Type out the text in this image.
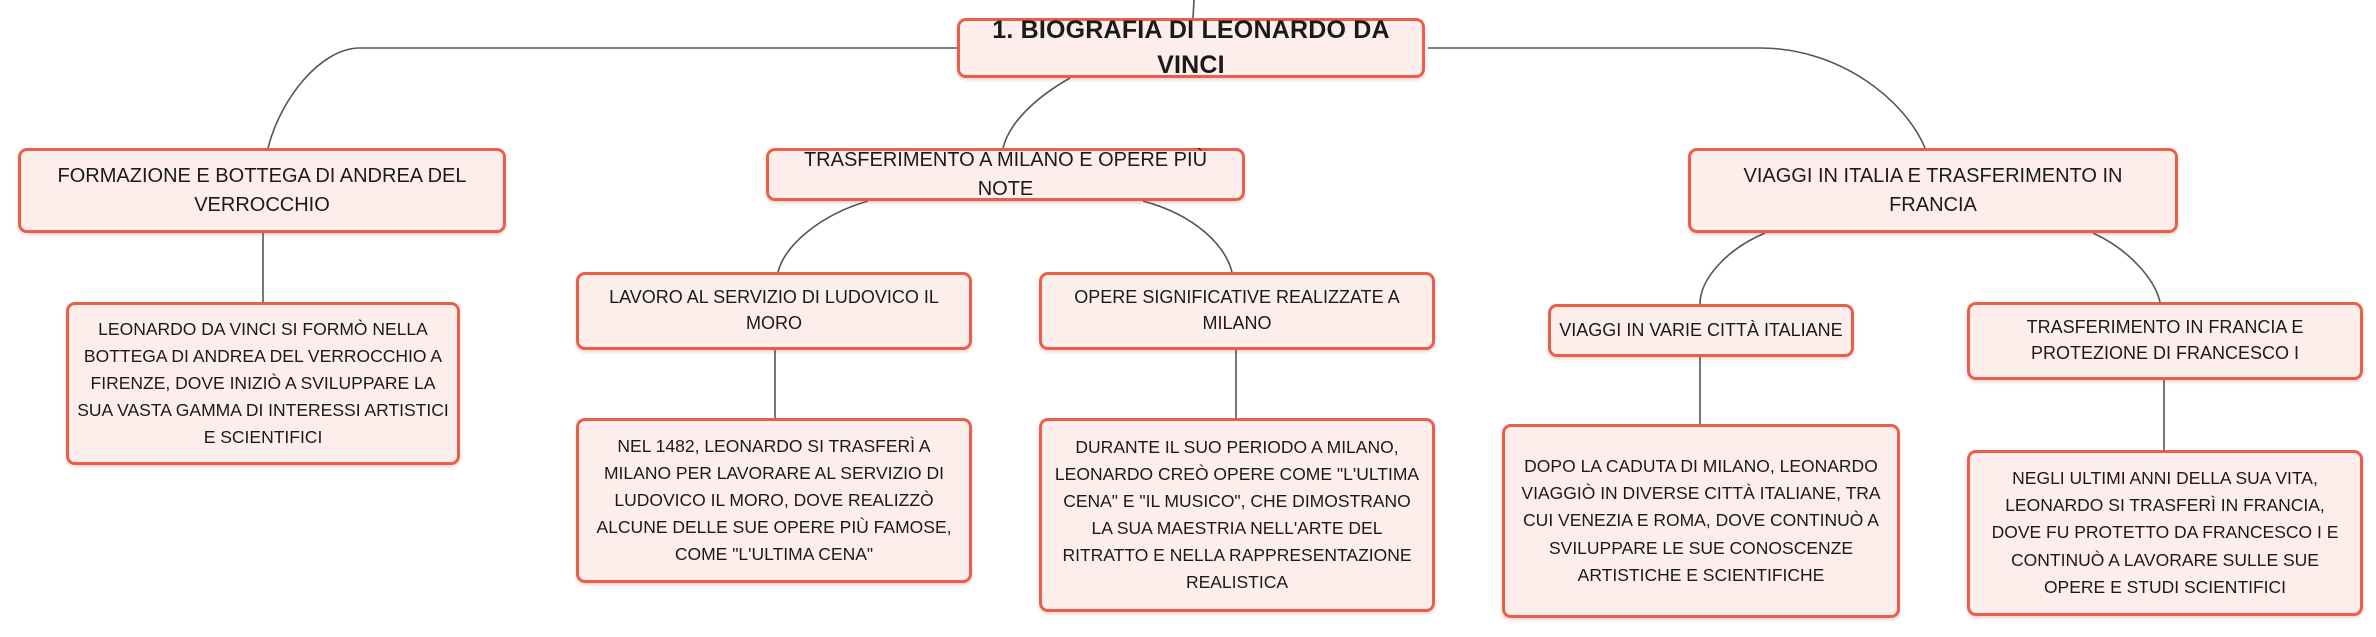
1. BIOGRAFIA DI LEONARDO DA VINCI
FORMAZIONE E BOTTEGA DI ANDREA DEL VERROCCHIO
LEONARDO DA VINCI SI FORMÒ NELLA BOTTEGA DI ANDREA DEL VERROCCHIO A FIRENZE, DOVE INIZIÒ A SVILUPPARE LA SUA VASTA GAMMA DI INTERESSI ARTISTICI E SCIENTIFICI
TRASFERIMENTO A MILANO E OPERE PIÙ NOTE
LAVORO AL SERVIZIO DI LUDOVICO IL MORO
NEL 1482, LEONARDO SI TRASFERÌ A MILANO PER LAVORARE AL SERVIZIO DI LUDOVICO IL MORO, DOVE REALIZZÒ ALCUNE DELLE SUE OPERE PIÙ FAMOSE, COME "L'ULTIMA CENA"
OPERE SIGNIFICATIVE REALIZZATE A MILANO
DURANTE IL SUO PERIODO A MILANO, LEONARDO CREÒ OPERE COME "L'ULTIMA CENA" E "IL MUSICO", CHE DIMOSTRANO LA SUA MAESTRIA NELL'ARTE DEL RITRATTO E NELLA RAPPRESENTAZIONE REALISTICA
VIAGGI IN ITALIA E TRASFERIMENTO IN FRANCIA
VIAGGI IN VARIE CITTÀ ITALIANE
DOPO LA CADUTA DI MILANO, LEONARDO VIAGGIÒ IN DIVERSE CITTÀ ITALIANE, TRA CUI VENEZIA E ROMA, DOVE CONTINUÒ A SVILUPPARE LE SUE CONOSCENZE ARTISTICHE E SCIENTIFICHE
TRASFERIMENTO IN FRANCIA E PROTEZIONE DI FRANCESCO I
NEGLI ULTIMI ANNI DELLA SUA VITA, LEONARDO SI TRASFERÌ IN FRANCIA, DOVE FU PROTETTO DA FRANCESCO I E CONTINUÒ A LAVORARE SULLE SUE OPERE E STUDI SCIENTIFICI
